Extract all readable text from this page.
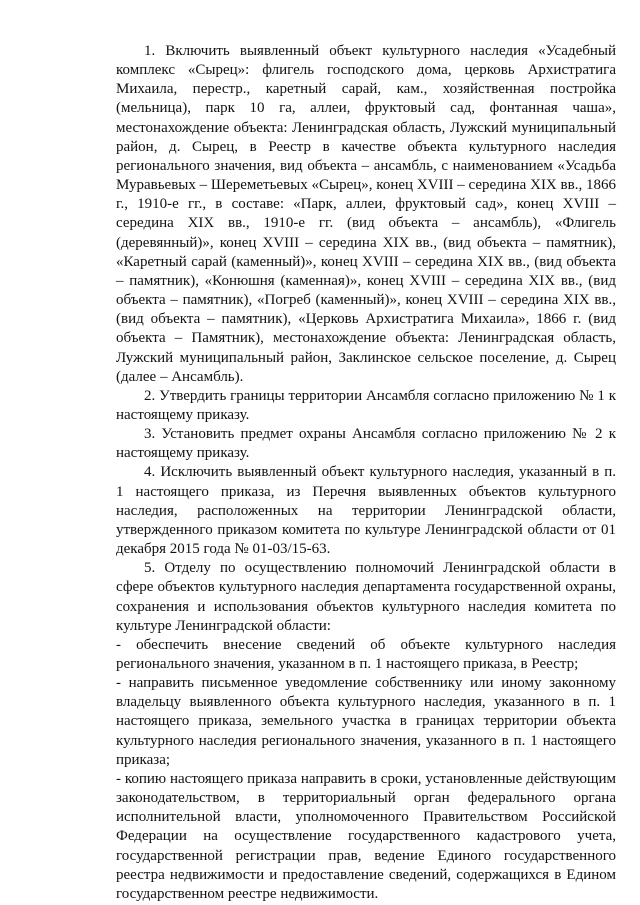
1. Включить выявленный объект культурного наследия «Усадебный комплекс «Сырец»: флигель господского дома, церковь Архистратига Михаила, перестр., каретный сарай, кам., хозяйственная постройка (мельница), парк 10 га, аллеи, фруктовый сад, фонтанная чаша», местонахождение объекта: Ленинградская область, Лужский муниципальный район, д. Сырец, в Реестр в качестве объекта культурного наследия регионального значения, вид объекта – ансамбль, с наименованием «Усадьба Муравьевых – Шереметьевых «Сырец», конец XVIII – середина XIX вв., 1866 г., 1910-е гг., в составе: «Парк, аллеи, фруктовый сад», конец XVIII – середина XIX вв., 1910-е гг. (вид объекта – ансамбль), «Флигель (деревянный)», конец XVIII – середина XIX вв., (вид объекта – памятник), «Каретный сарай (каменный)», конец XVIII – середина XIX вв., (вид объекта – памятник), «Конюшня (каменная)», конец XVIII – середина XIX вв., (вид объекта – памятник), «Погреб (каменный)», конец XVIII – середина XIX вв., (вид объекта – памятник), «Церковь Архистратига Михаила», 1866 г. (вид объекта – Памятник), местонахождение объекта: Ленинградская область, Лужский муниципальный район, Заклинское сельское поселение, д. Сырец (далее – Ансамбль).

2. Утвердить границы территории Ансамбля согласно приложению № 1 к настоящему приказу.

3. Установить предмет охраны Ансамбля согласно приложению № 2 к настоящему приказу.

4. Исключить выявленный объект культурного наследия, указанный в п. 1 настоящего приказа, из Перечня выявленных объектов культурного наследия, расположенных на территории Ленинградской области, утвержденного приказом комитета по культуре Ленинградской области от 01 декабря 2015 года № 01-03/15-63.

5. Отделу по осуществлению полномочий Ленинградской области в сфере объектов культурного наследия департамента государственной охраны, сохранения и использования объектов культурного наследия комитета по культуре Ленинградской области:

- обеспечить внесение сведений об объекте культурного наследия регионального значения, указанном в п. 1 настоящего приказа, в Реестр;

- направить письменное уведомление собственнику или иному законному владельцу выявленного объекта культурного наследия, указанного в п. 1 настоящего приказа, земельного участка в границах территории объекта культурного наследия регионального значения, указанного в п. 1 настоящего приказа;

- копию настоящего приказа направить в сроки, установленные действующим законодательством, в территориальный орган федерального органа исполнительной власти, уполномоченного Правительством Российской Федерации на осуществление государственного кадастрового учета, государственной регистрации прав, ведение Единого государственного реестра недвижимости и предоставление сведений, содержащихся в Едином государственном реестре недвижимости.
